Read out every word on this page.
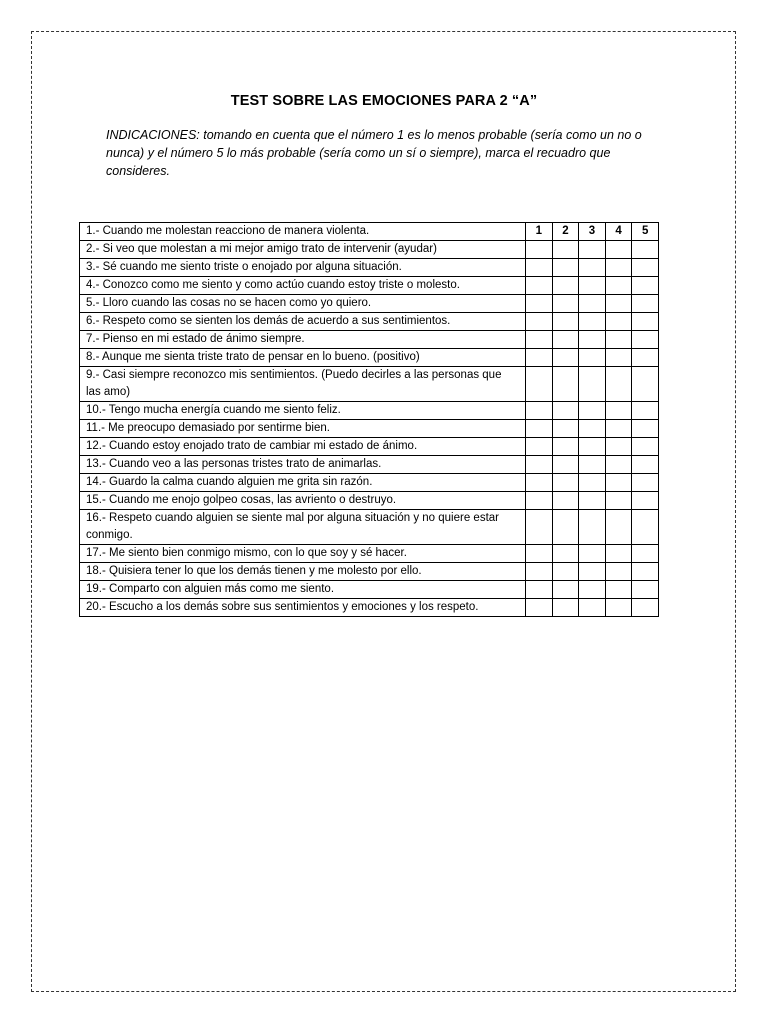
TEST SOBRE LAS EMOCIONES PARA 2 “A”
INDICACIONES: tomando en cuenta que el número 1 es lo menos probable (sería como un no o nunca) y el número 5 lo más probable (sería como un sí o siempre), marca el recuadro que consideres.
1.- Cuando me molestan reacciono de manera violenta.	1	2	3	4	5
2.- Si veo que molestan a mi mejor amigo trato de intervenir (ayudar)					
3.- Sé cuando me siento triste o enojado por alguna situación.					
4.- Conozco como me siento y como actúo cuando estoy triste o molesto.					
5.- Lloro cuando las cosas no se hacen como yo quiero.					
6.- Respeto como se sienten los demás de acuerdo a sus sentimientos.					
7.- Pienso en mi estado de ánimo siempre.					
8.- Aunque me sienta triste trato de pensar en lo bueno. (positivo)					
9.- Casi siempre reconozco mis sentimientos. (Puedo decirles a las personas que las amo)					
10.- Tengo mucha energía cuando me siento feliz.					
11.- Me preocupo demasiado por sentirme bien.					
12.- Cuando estoy enojado trato de cambiar mi estado de ánimo.					
13.- Cuando veo a las personas tristes trato de animarlas.					
14.- Guardo la calma cuando alguien me grita sin razón.					
15.- Cuando me enojo golpeo cosas, las avriento o destruyo.					
16.- Respeto cuando alguien se siente mal por alguna situación y no quiere estar conmigo.					
17.- Me siento bien conmigo mismo, con lo que soy y sé hacer.					
18.- Quisiera tener lo que los demás tienen y me molesto por ello.					
19.- Comparto con alguien más como me siento.					
20.- Escucho a los demás sobre sus sentimientos y emociones y los respeto.					
